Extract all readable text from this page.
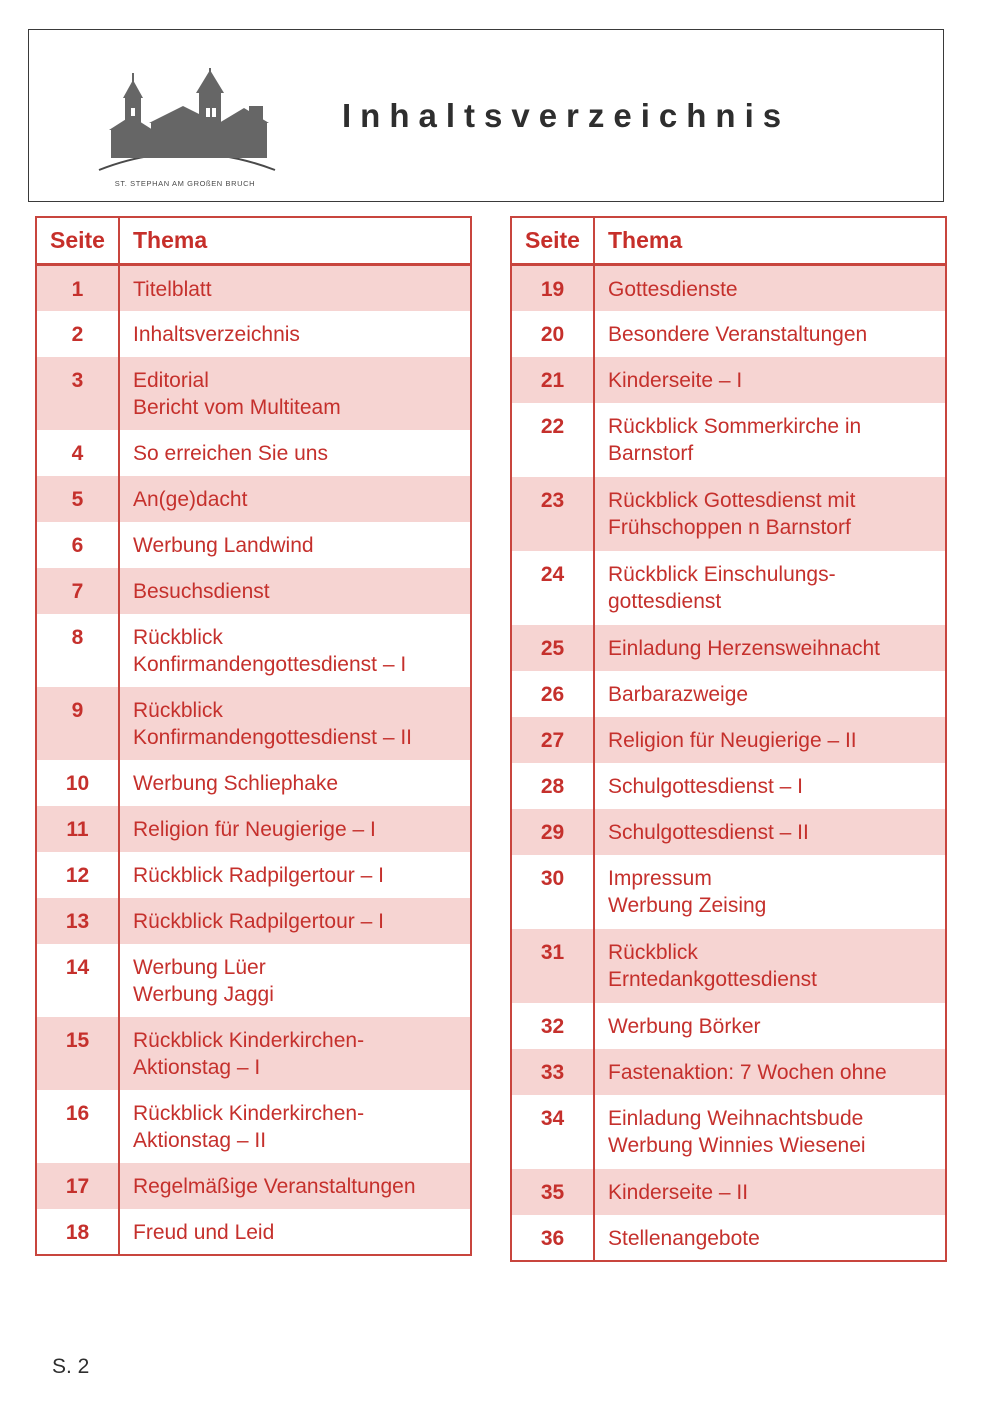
ST. STEPHAN AM GROßEN BRUCH
Inhaltsverzeichnis
Seite	Thema
1	Titelblatt

2	Inhaltsverzeichnis

3	Editorial
Bericht vom Multiteam

4	So erreichen Sie uns

5	An(ge)dacht

6	Werbung Landwind

7	Besuchsdienst

8	Rückblick
Konfirmandengottesdienst – I

9	Rückblick
Konfirmandengottesdienst – II

10	Werbung Schliephake

11	Religion für Neugierige – I

12	Rückblick Radpilgertour – I

13	Rückblick Radpilgertour – I

14	Werbung Lüer
Werbung Jaggi

15	Rückblick Kinderkirchen-
Aktionstag – I

16	Rückblick Kinderkirchen-
Aktionstag – II

17	Regelmäßige Veranstaltungen

18	Freud und Leid
Seite	Thema
19	Gottesdienste

20	Besondere Veranstaltungen

21	Kinderseite – I

22	Rückblick Sommerkirche in
Barnstorf

23	Rückblick Gottesdienst mit
Frühschoppen n Barnstorf

24	Rückblick Einschulungs-
gottesdienst

25	Einladung Herzensweihnacht

26	Barbarazweige

27	Religion für Neugierige – II

28	Schulgottesdienst – I

29	Schulgottesdienst – II

30	Impressum
Werbung Zeising

31	Rückblick
Erntedankgottesdienst

32	Werbung Börker

33	Fastenaktion: 7 Wochen ohne

34	Einladung Weihnachtsbude
Werbung Winnies Wiesenei

35	Kinderseite – II

36	Stellenangebote
S. 2
